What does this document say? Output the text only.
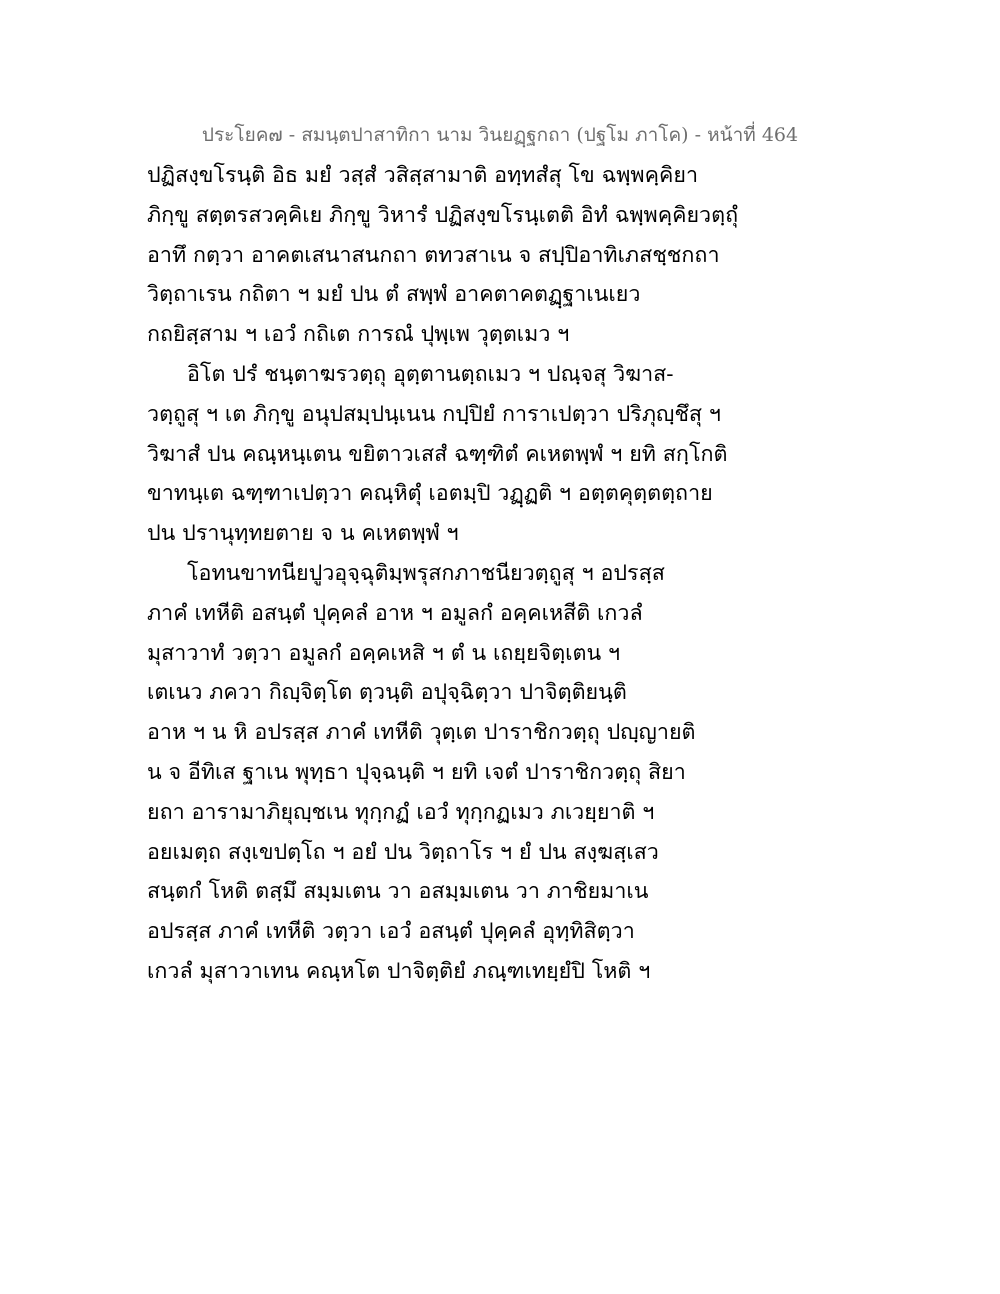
ประโยค๗ - สมนฺตปาสาทิกา นาม วินยฏฺฐกถา (ปฐโม ภาโค) - หน้าที่ 464
ปฏิสงฺขโรนฺติ อิธ มยํ วสฺสํ วสิสฺสามาติ อทฺทสํสุ โข ฉพฺพคฺคิยา
ภิกฺขู สตฺตรสวคฺคิเย ภิกฺขู วิหารํ ปฏิสงฺขโรนฺเตติ อิทํ ฉพฺพคฺคิยวตฺถุํ
อาทึ กตฺวา อาคตเสนาสนกถา ตทวสาเน จ สปฺปิอาทิเภสชฺชกถา
วิตฺถาเรน กถิตา ฯ มยํ ปน ตํ สพฺพํ อาคตาคตฏฺฐาเนเยว
กถยิสฺสาม ฯ เอวํ กถิเต การณํ ปุพฺเพ วุตฺตเมว ฯ
อิโต ปรํ ชนฺตาฆรวตฺถุ อุตฺตานตฺถเมว ฯ ปณฺจสุ วิฆาส-
วตฺถูสุ ฯ เต ภิกฺขู อนุปสมฺปนฺเนน กปฺปิยํ การาเปตฺวา ปริภุญฺชึสุ ฯ
วิฆาสํ ปน คณฺหนฺเตน ขยิตาวเสสํ ฉฑฺฑิตํ คเหตพฺพํ ฯ ยทิ สกฺโกติ
ขาทนฺเต ฉฑฺฑาเปตฺวา คณฺหิตุํ เอตมฺปิ วฏฺฏติ ฯ อตฺตคุตฺตตฺถาย
ปน ปรานุทฺทยตาย จ น คเหตพฺพํ ฯ
โอทนขาทนียปูวอุจฺฉุติมฺพรุสกภาชนียวตฺถูสุ ฯ อปรสฺส
ภาคํ เทหีติ อสนฺตํ ปุคฺคลํ อาห ฯ อมูลกํ อคฺคเหสีติ เกวลํ
มุสาวาทํ วตฺวา อมูลกํ อคฺคเหสิ ฯ ตํ น เถยฺยจิตฺเตน ฯ
เตเนว ภควา กิญฺจิตฺโต ตฺวนฺติ อปุจฺฉิตฺวา ปาจิตฺติยนฺติ
อาห ฯ น หิ อปรสฺส ภาคํ เทหีติ วุตฺเต ปาราชิกวตฺถุ ปญฺญายติ
น จ อีทิเส ฐาเน พุทฺธา ปุจฺฉนฺติ ฯ ยทิ เจตํ ปาราชิกวตฺถุ สิยา
ยถา อารามาภิยุญฺชเน ทุกฺกฏํ เอวํ ทุกฺกฏเมว ภเวยฺยาติ ฯ
อยเมตฺถ สงฺเขปตฺโถ ฯ อยํ ปน วิตฺถาโร ฯ ยํ ปน สงฺฆสฺเสว
สนฺตกํ โหติ ตสฺมึ สมฺมเตน วา อสมฺมเตน วา ภาชิยมาเน
อปรสฺส ภาคํ เทหีติ วตฺวา เอวํ อสนฺตํ ปุคฺคลํ อุทฺทิสิตฺวา
เกวลํ มุสาวาเทน คณฺหโต ปาจิตฺติยํ ภณฺฑเทยฺยํปิ โหติ ฯ
